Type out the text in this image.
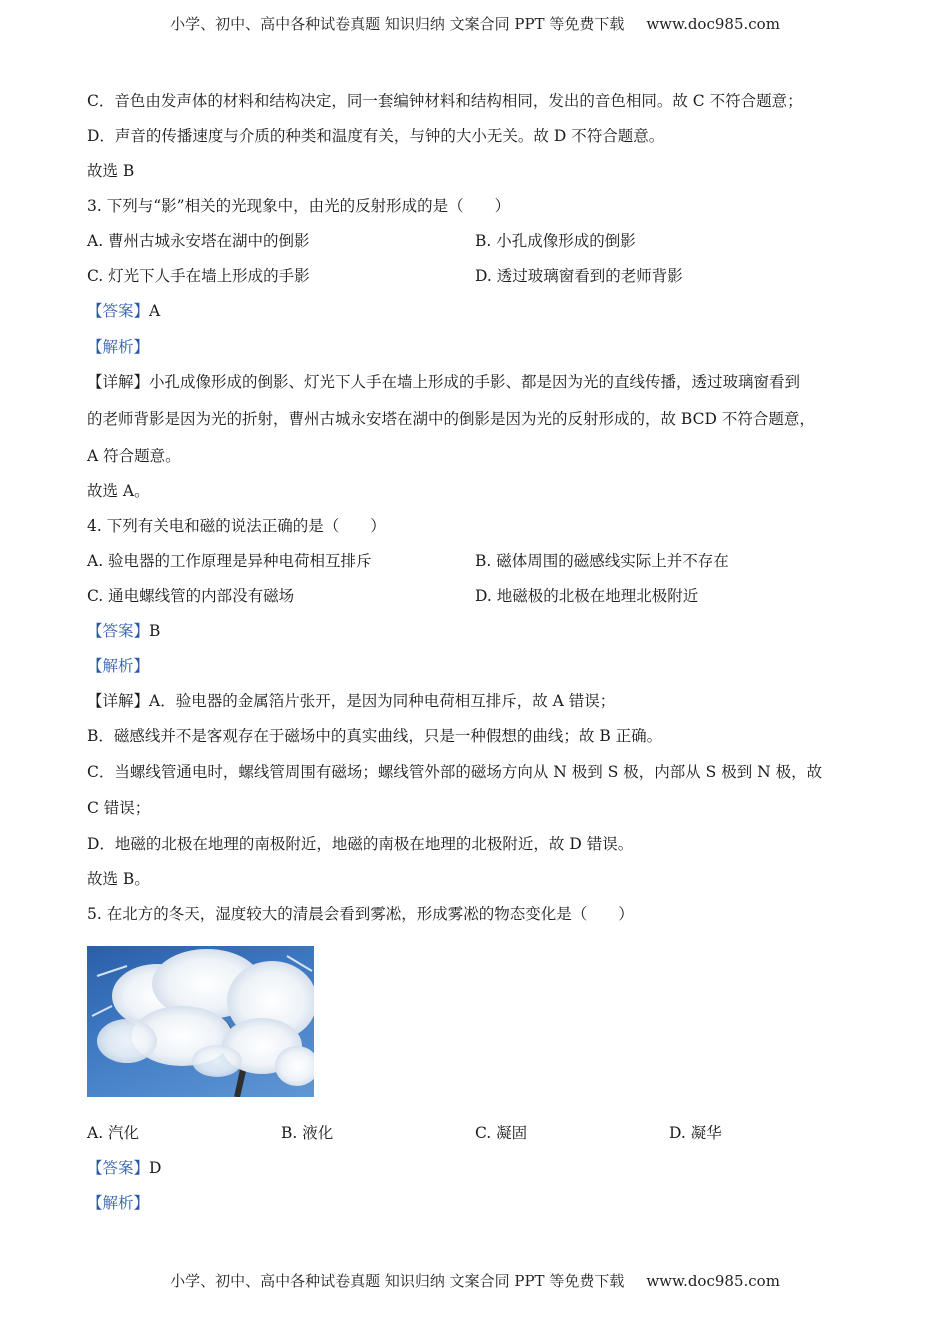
小学、初中、高中各种试卷真题 知识归纳 文案合同 PPT 等免费下载 www.doc985.com
C．音色由发声体的材料和结构决定，同一套编钟材料和结构相同，发出的音色相同。故 C 不符合题意；
D．声音的传播速度与介质的种类和温度有关，与钟的大小无关。故 D 不符合题意。
故选 B
3. 下列与“影”相关的光现象中，由光的反射形成的是（　　）
A. 曹州古城永安塔在湖中的倒影	B. 小孔成像形成的倒影
C. 灯光下人手在墙上形成的手影	D. 透过玻璃窗看到的老师背影
【答案】A
【解析】
【详解】小孔成像形成的倒影、灯光下人手在墙上形成的手影、都是因为光的直线传播，透过玻璃窗看到
的老师背影是因为光的折射，曹州古城永安塔在湖中的倒影是因为光的反射形成的，故 BCD 不符合题意，
A 符合题意。
故选 A。
4. 下列有关电和磁的说法正确的是（　　）
A. 验电器的工作原理是异种电荷相互排斥	B. 磁体周围的磁感线实际上并不存在
C. 通电螺线管的内部没有磁场	D. 地磁极的北极在地理北极附近
【答案】B
【解析】
【详解】A．验电器的金属箔片张开，是因为同种电荷相互排斥，故 A 错误；
B．磁感线并不是客观存在于磁场中的真实曲线，只是一种假想的曲线；故 B 正确。
C．当螺线管通电时，螺线管周围有磁场；螺线管外部的磁场方向从 N 极到 S 极，内部从 S 极到 N 极，故
C 错误；
D．地磁的北极在地理的南极附近，地磁的南极在地理的北极附近，故 D 错误。
故选 B。
5. 在北方的冬天，湿度较大的清晨会看到雾凇，形成雾凇的物态变化是（　　）
A. 汽化	B. 液化	C. 凝固	D. 凝华
【答案】D
【解析】
小学、初中、高中各种试卷真题 知识归纳 文案合同 PPT 等免费下载 www.doc985.com
